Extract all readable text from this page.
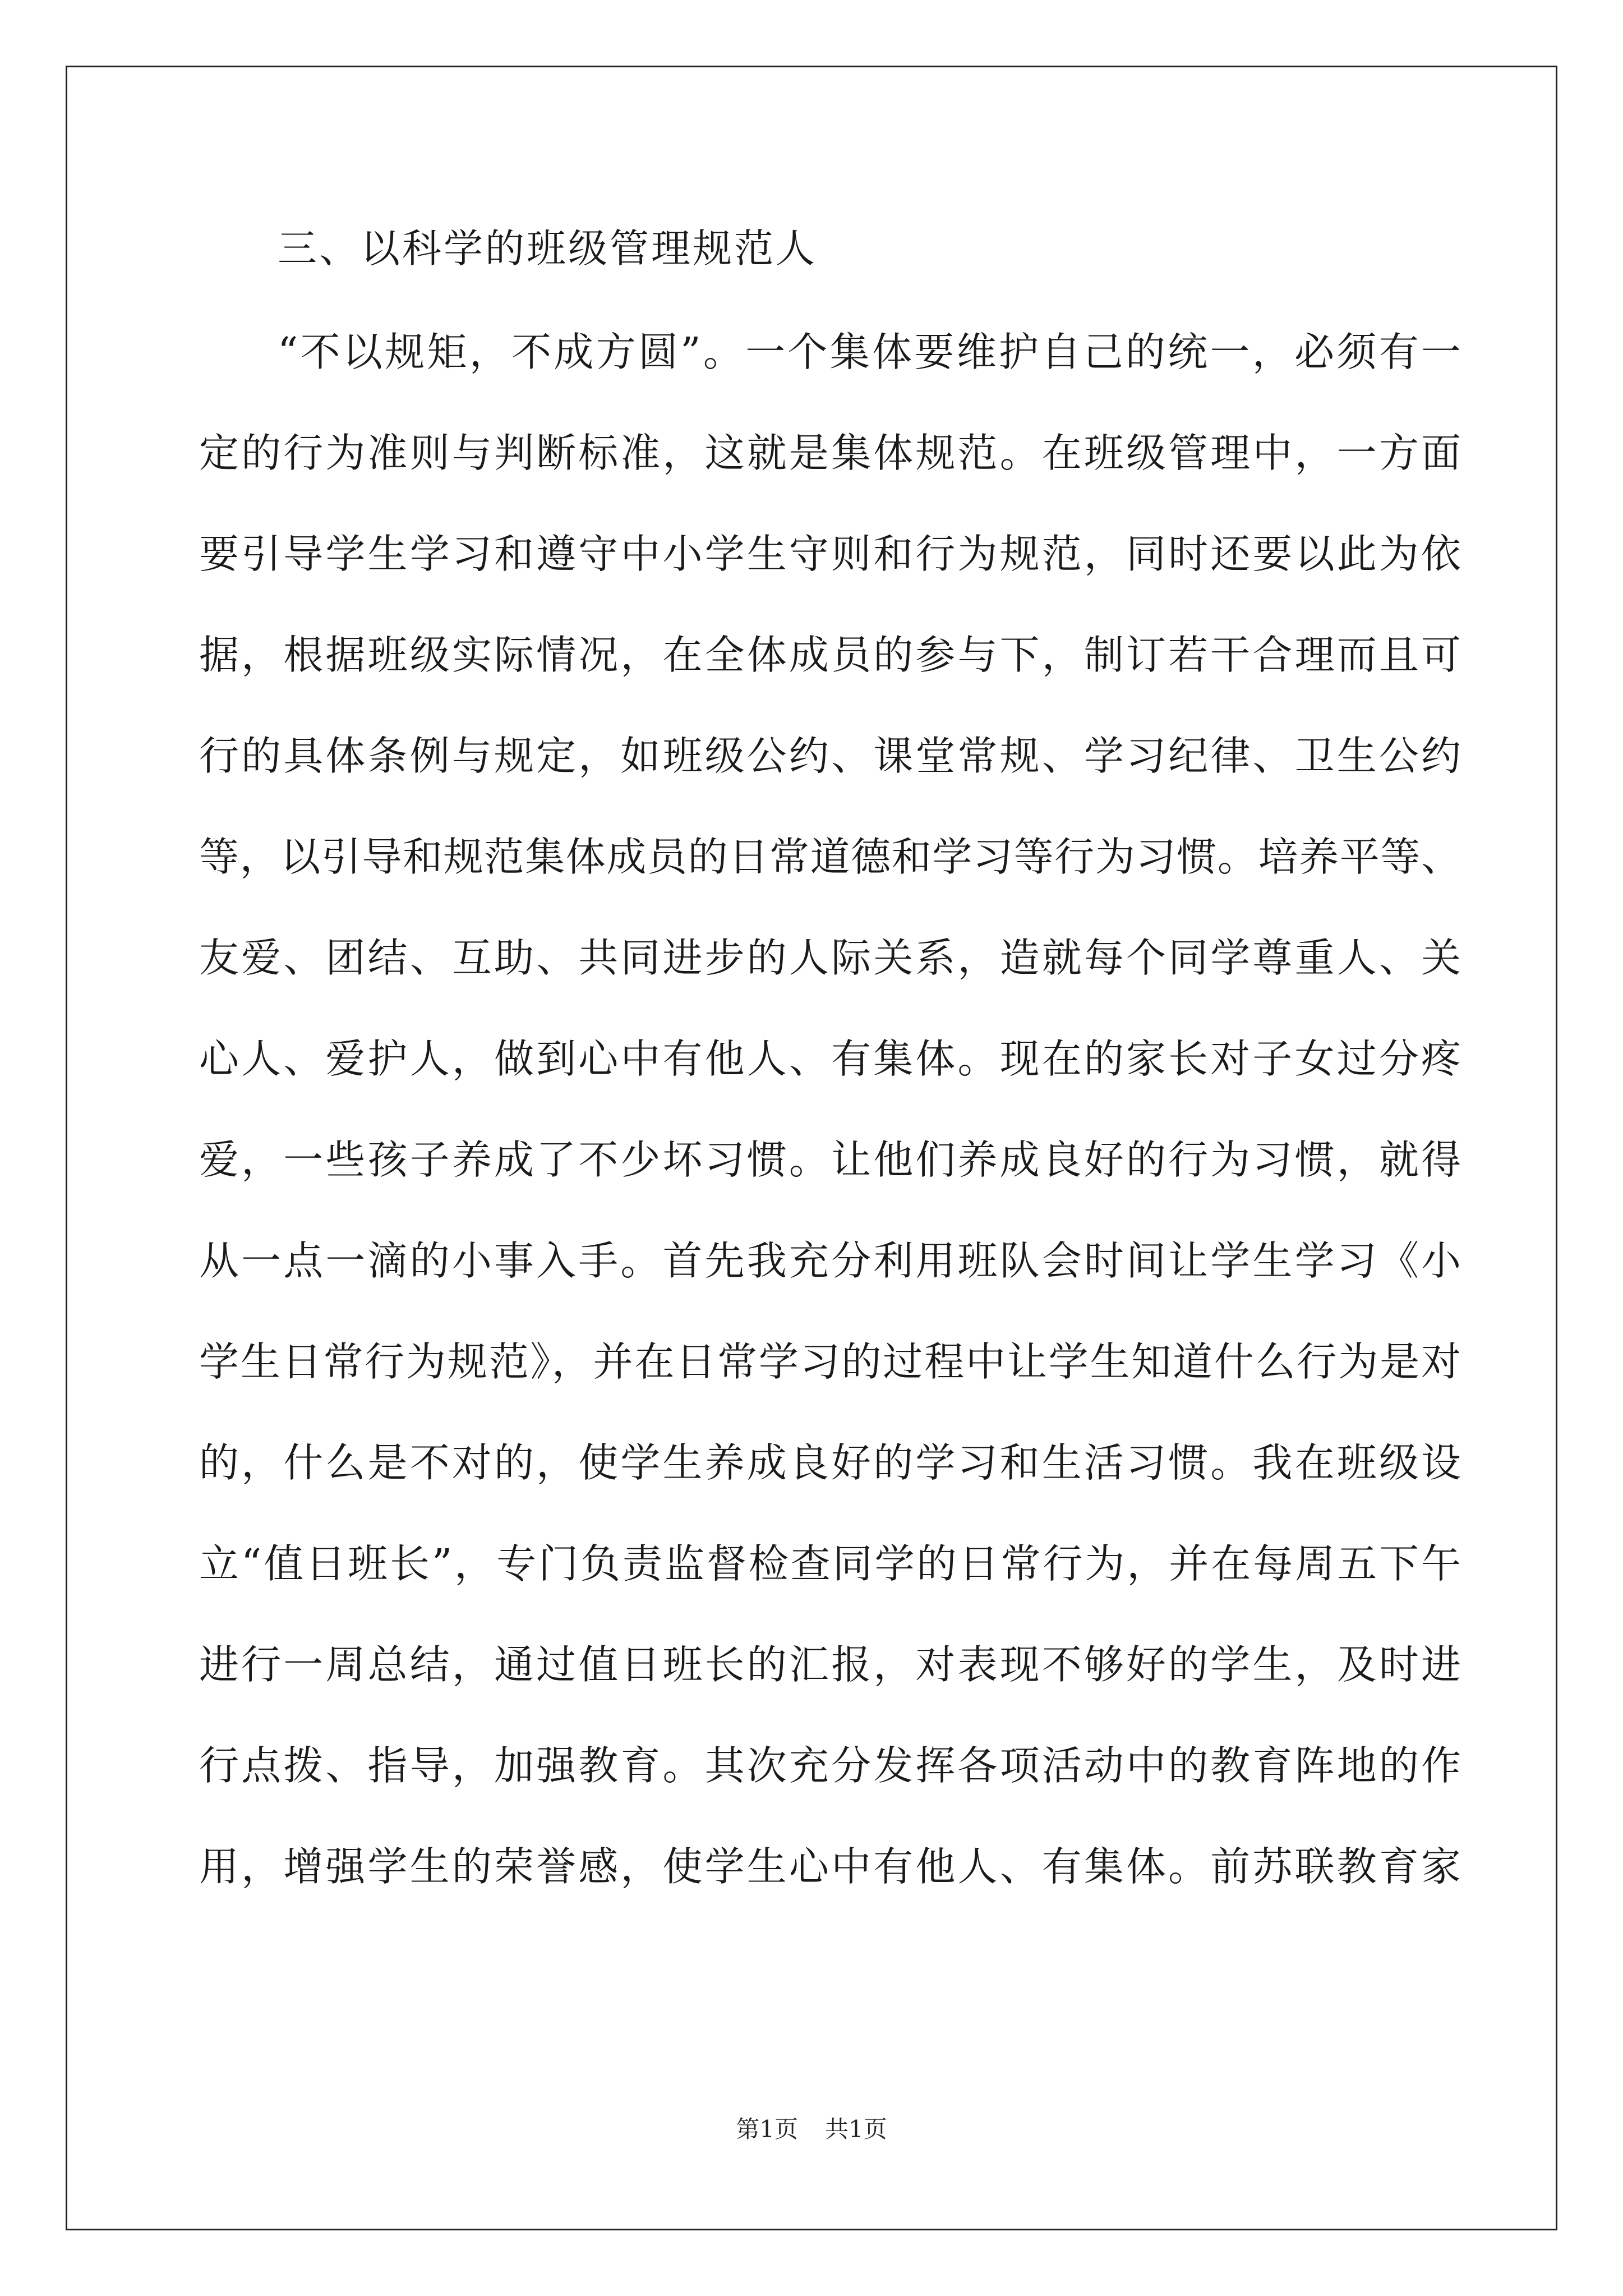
三、以科学的班级管理规范人
“不以规矩，不成方圆”。一个集体要维护自己的统一，必须有一
定的行为准则与判断标准，这就是集体规范。在班级管理中，一方面
要引导学生学习和遵守中小学生守则和行为规范，同时还要以此为依
据，根据班级实际情况，在全体成员的参与下，制订若干合理而且可
行的具体条例与规定，如班级公约、课堂常规、学习纪律、卫生公约
等，以引导和规范集体成员的日常道德和学习等行为习惯。培养平等、
友爱、团结、互助、共同进步的人际关系，造就每个同学尊重人、关
心人、爱护人，做到心中有他人、有集体。现在的家长对子女过分疼
爱，一些孩子养成了不少坏习惯。让他们养成良好的行为习惯，就得
从一点一滴的小事入手。首先我充分利用班队会时间让学生学习《小
学生日常行为规范》，并在日常学习的过程中让学生知道什么行为是对
的，什么是不对的，使学生养成良好的学习和生活习惯。我在班级设
立“值日班长”，专门负责监督检查同学的日常行为，并在每周五下午
进行一周总结，通过值日班长的汇报，对表现不够好的学生，及时进
行点拨、指导，加强教育。其次充分发挥各项活动中的教育阵地的作
用，增强学生的荣誉感，使学生心中有他人、有集体。前苏联教育家
第1页 共1页
